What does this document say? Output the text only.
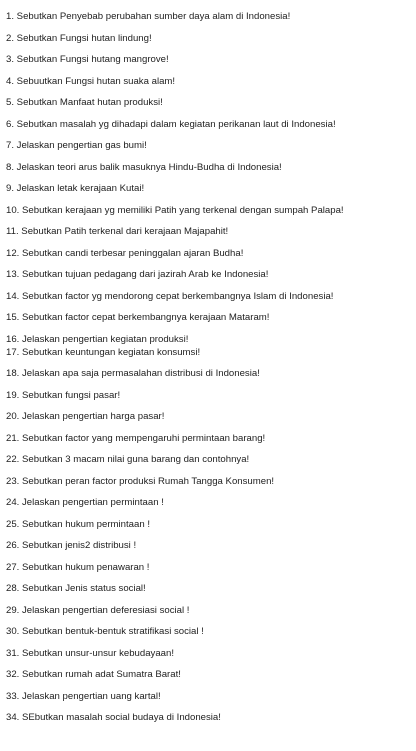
1. Sebutkan Penyebab perubahan sumber daya alam di Indonesia!
2. Sebutkan Fungsi hutan lindung!
3. Sebutkan Fungsi hutang mangrove!
4. Sebuutkan Fungsi hutan suaka alam!
5. Sebutkan Manfaat hutan produksi!
6. Sebutkan masalah yg dihadapi dalam kegiatan perikanan laut di Indonesia!
7. Jelaskan pengertian gas bumi!
8. Jelaskan teori arus balik masuknya Hindu-Budha di Indonesia!
9. Jelaskan letak kerajaan Kutai!
10. Sebutkan kerajaan yg memiliki Patih yang terkenal dengan sumpah Palapa!
11. Sebutkan Patih terkenal dari kerajaan Majapahit!
12. Sebutkan candi terbesar peninggalan ajaran Budha!
13. Sebutkan tujuan pedagang dari jazirah Arab ke Indonesia!
14. Sebutkan factor yg mendorong cepat berkembangnya Islam di Indonesia!
15. Sebutkan factor cepat berkembangnya kerajaan Mataram!
16. Jelaskan pengertian kegiatan produksi!
17. Sebutkan keuntungan kegiatan konsumsi!
18. Jelaskan apa saja permasalahan distribusi di Indonesia!
19. Sebutkan fungsi pasar!
20. Jelaskan pengertian harga pasar!
21. Sebutkan factor yang mempengaruhi permintaan barang!
22. Sebutkan 3 macam nilai guna barang dan contohnya!
23. Sebutkan peran factor produksi Rumah Tangga Konsumen!
24. Jelaskan pengertian permintaan !
25. Sebutkan hukum permintaan !
26. Sebutkan jenis2 distribusi !
27. Sebutkan hukum penawaran !
28. Sebutkan Jenis status social!
29. Jelaskan pengertian deferesiasi social !
30. Sebutkan bentuk-bentuk stratifikasi social !
31. Sebutkan unsur-unsur kebudayaan!
32. Sebutkan rumah adat Sumatra Barat!
33. Jelaskan pengertian uang kartal!
34. SEbutkan masalah social budaya di Indonesia!
